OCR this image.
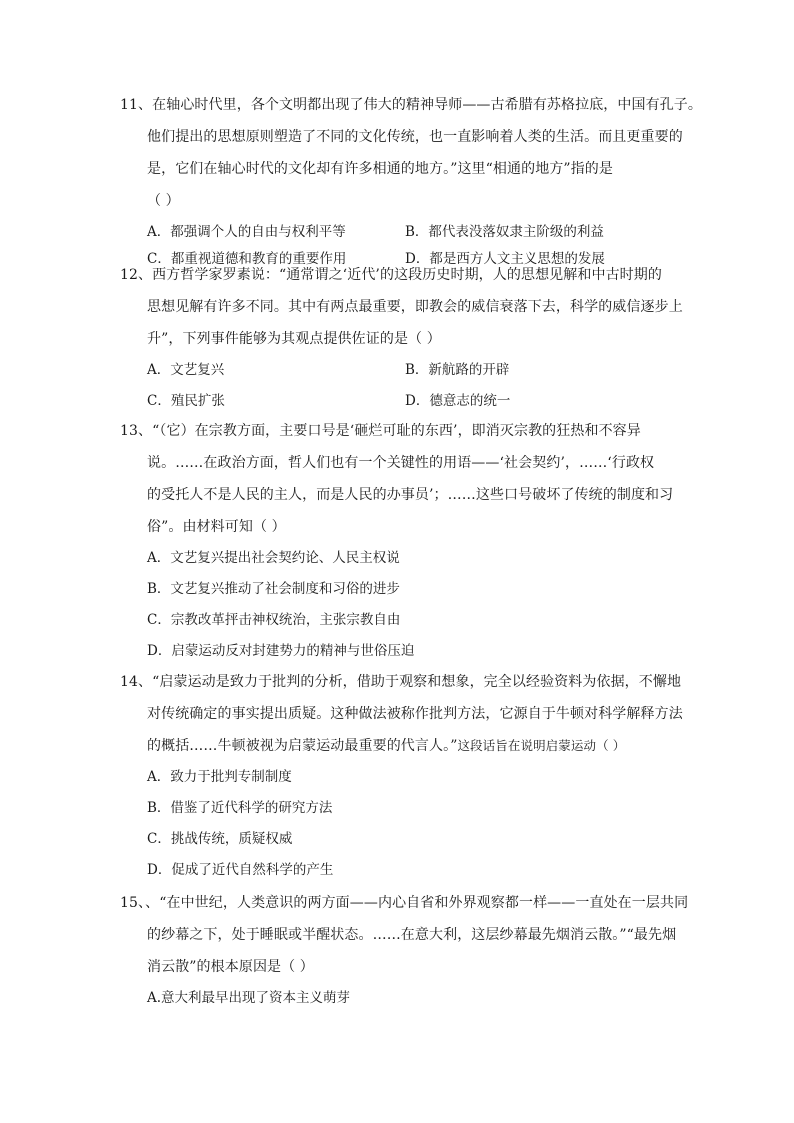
11、在轴心时代里，各个文明都出现了伟大的精神导师——古希腊有苏格拉底，中国有孔子。
他们提出的思想原则塑造了不同的文化传统，也一直影响着人类的生活。而且更重要的
是，它们在轴心时代的文化却有许多相通的地方。”这里“相通的地方”指的是
（ ）
A．都强调个人的自由与权利平等	B．都代表没落奴隶主阶级的利益
C．都重视道德和教育的重要作用	D．都是西方人文主义思想的发展
12、西方哲学家罗素说：“通常谓之‘近代’的这段历史时期，人的思想见解和中古时期的
思想见解有许多不同。其中有两点最重要，即教会的威信衰落下去，科学的威信逐步上
升”，下列事件能够为其观点提供佐证的是（ ）
A．文艺复兴	B．新航路的开辟
C．殖民扩张	D．德意志的统一
13、“（它）在宗教方面，主要口号是‘砸烂可耻的东西’，即消灭宗教的狂热和不容异
说。……在政治方面，哲人们也有一个关键性的用语——‘社会契约’，……‘行政权
的受托人不是人民的主人，而是人民的办事员’；……这些口号破坏了传统的制度和习
俗”。由材料可知（ ）
A．文艺复兴提出社会契约论、人民主权说
B．文艺复兴推动了社会制度和习俗的进步
C．宗教改革抨击神权统治，主张宗教自由
D．启蒙运动反对封建势力的精神与世俗压迫
14、“启蒙运动是致力于批判的分析，借助于观察和想象，完全以经验资料为依据，不懈地
对传统确定的事实提出质疑。这种做法被称作批判方法，它源自于牛顿对科学解释方法
的概括……牛顿被视为启蒙运动最重要的代言人。”这段话旨在说明启蒙运动（ ）
A．致力于批判专制制度
B．借鉴了近代科学的研究方法
C．挑战传统，质疑权威
D．促成了近代自然科学的产生
15、、“在中世纪，人类意识的两方面——内心自省和外界观察都一样——一直处在一层共同
的纱幕之下，处于睡眠或半醒状态。……在意大利，这层纱幕最先烟消云散。”“最先烟
消云散”的根本原因是（ ）
A.意大利最早出现了资本主义萌芽
